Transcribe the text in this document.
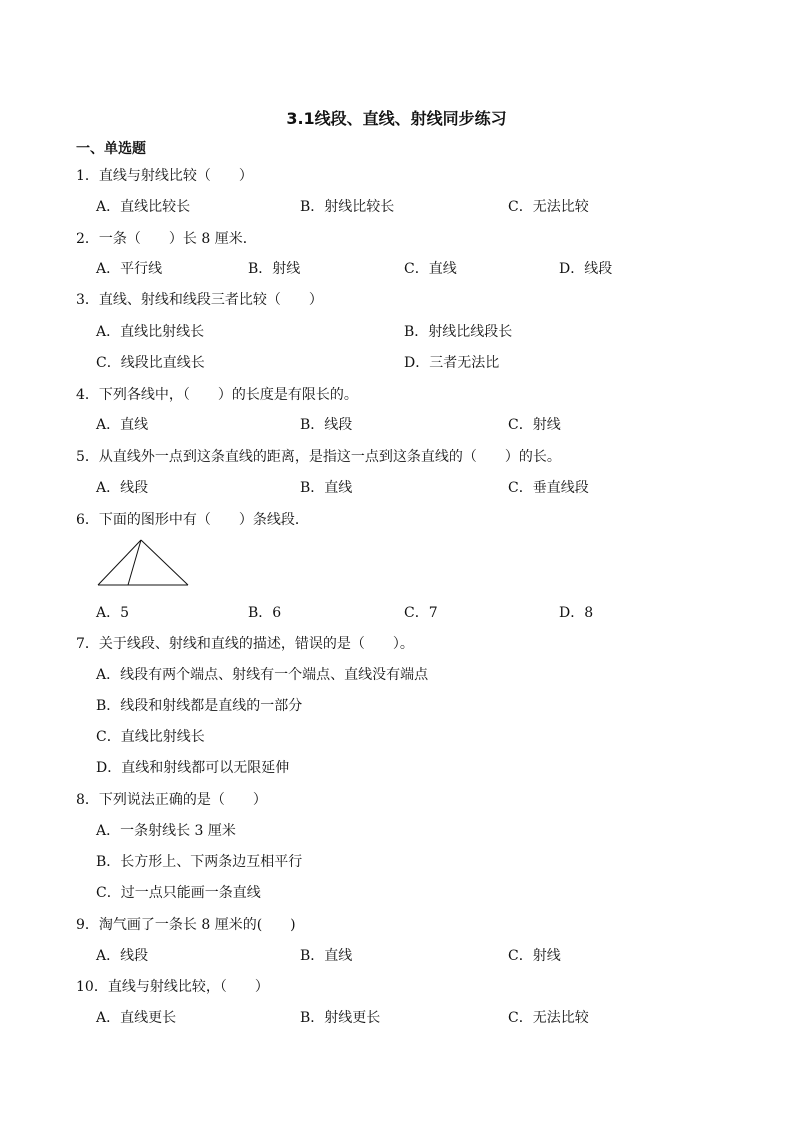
3.1线段、直线、射线同步练习
一、单选题
1．直线与射线比较（　　）
A．直线比较长	B．射线比较长	C．无法比较
2．一条（　　）长 8 厘米．
A．平行线	B．射线	C．直线	D．线段
3．直线、射线和线段三者比较（　　）
A．直线比射线长	B．射线比线段长
C．线段比直线长	D．三者无法比
4．下列各线中，（　　）的长度是有限长的。
A．直线	B．线段	C．射线
5．从直线外一点到这条直线的距离，是指这一点到这条直线的（　　）的长。
A．线段	B．直线	C．垂直线段
6．下面的图形中有（　　）条线段．
A．5	B．6	C．7	D．8
7．关于线段、射线和直线的描述，错误的是（　　）。
A．线段有两个端点、射线有一个端点、直线没有端点
B．线段和射线都是直线的一部分
C．直线比射线长
D．直线和射线都可以无限延伸
8．下列说法正确的是（　　）
A．一条射线长 3 厘米
B．长方形上、下两条边互相平行
C．过一点只能画一条直线
9．淘气画了一条长 8 厘米的(　　)
A．线段	B．直线	C．射线
10．直线与射线比较，（　　）
A．直线更长	B．射线更长	C．无法比较
